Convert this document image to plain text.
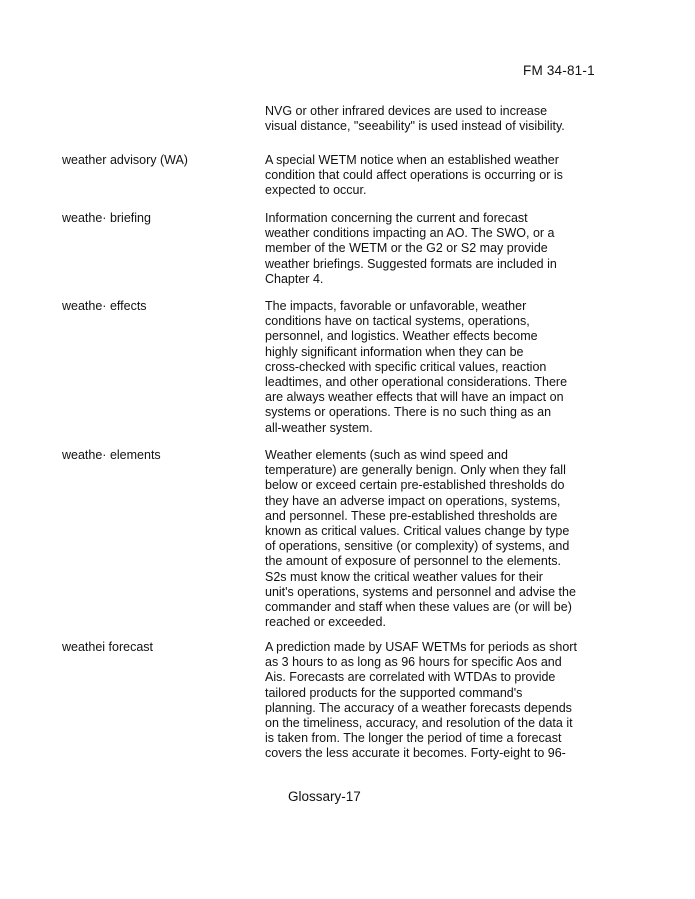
FM 34-81-1
NVG or other infrared devices are used to increase
visual distance, "seeability" is used instead of visibility.
weather advisory (WA)	A special WETM notice when an established weather
condition that could affect operations is occurring or is
expected to occur.
weathe· briefing	Information concerning the current and forecast
weather conditions impacting an AO. The SWO, or a
member of the WETM or the G2 or S2 may provide
weather briefings. Suggested formats are included in
Chapter 4.
weathe· effects	The impacts, favorable or unfavorable, weather
conditions have on tactical systems, operations,
personnel, and logistics. Weather effects become
highly significant information when they can be
cross-checked with specific critical values, reaction
leadtimes, and other operational considerations. There
are always weather effects that will have an impact on
systems or operations. There is no such thing as an
all-weather system.
weathe· elements	Weather elements (such as wind speed and
temperature) are generally benign. Only when they fall
below or exceed certain pre-established thresholds do
they have an adverse impact on operations, systems,
and personnel. These pre-established thresholds are
known as critical values. Critical values change by type
of operations, sensitive (or complexity) of systems, and
the amount of exposure of personnel to the elements.
S2s must know the critical weather values for their
unit's operations, systems and personnel and advise the
commander and staff when these values are (or will be)
reached or exceeded.
weathei forecast	A prediction made by USAF WETMs for periods as short
as 3 hours to as long as 96 hours for specific Aos and
Ais. Forecasts are correlated with WTDAs to provide
tailored products for the supported command's
planning. The accuracy of a weather forecasts depends
on the timeliness, accuracy, and resolution of the data it
is taken from. The longer the period of time a forecast
covers the less accurate it becomes. Forty-eight to 96-
Glossary-17
